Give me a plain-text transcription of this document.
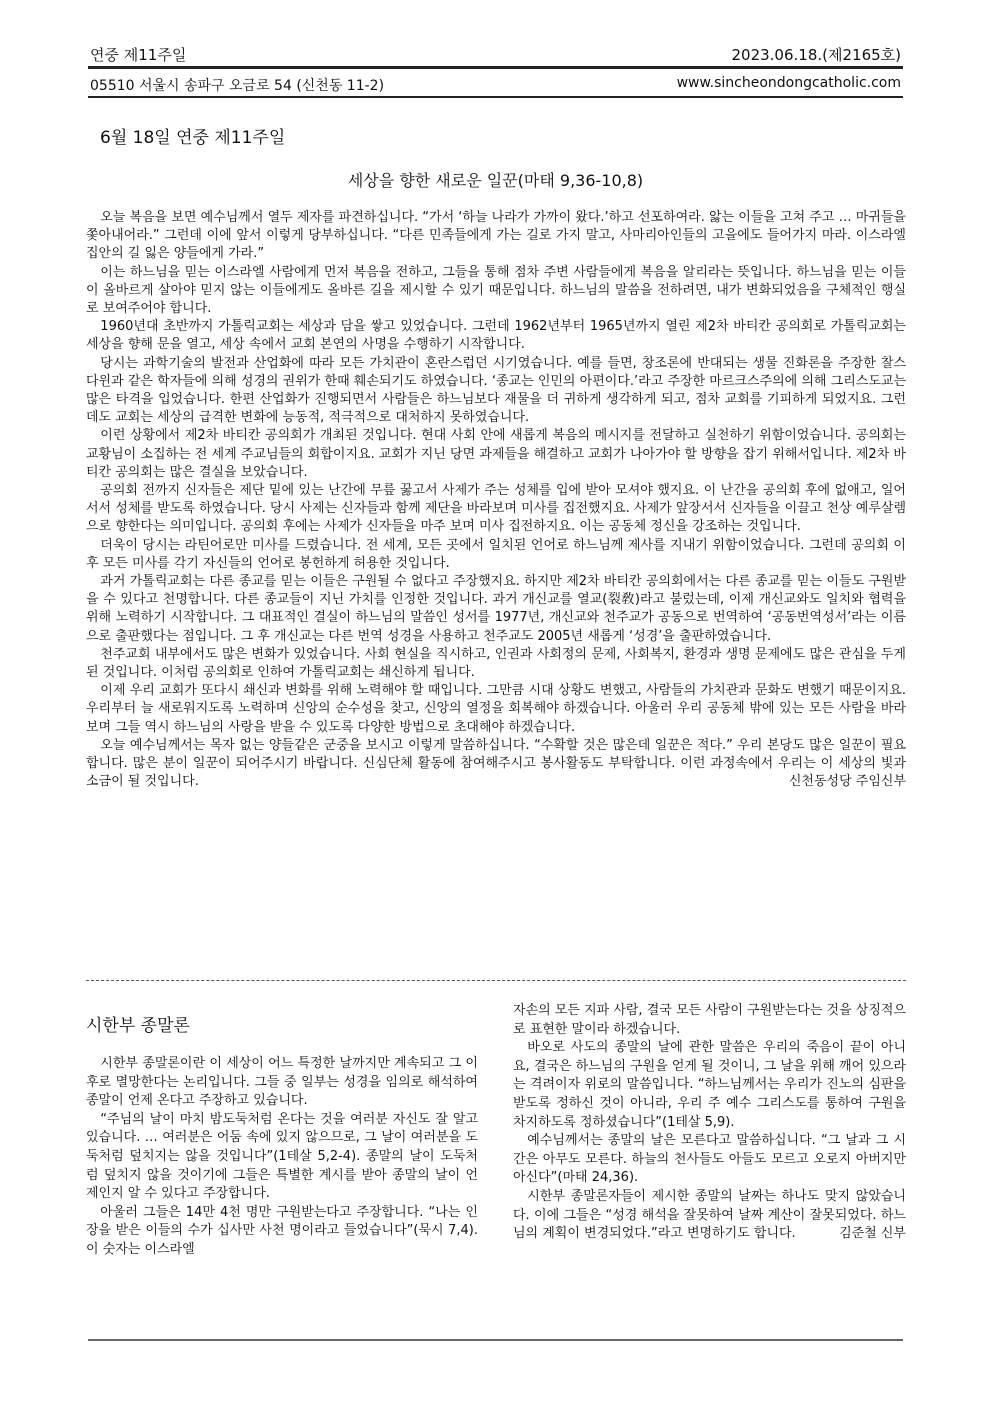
연중 제11주일	2023.06.18.(제2165호)
05510 서울시 송파구 오금로 54 (신천동 11-2)	www.sincheondongcatholic.com
6월 18일 연중 제11주일
세상을 향한 새로운 일꾼(마태 9,36-10,8)

오늘 복음을 보면 예수님께서 열두 제자를 파견하십니다. “가서 ‘하늘 나라가 가까이 왔다.’하고 선포하여라. 앓는 이들을 고쳐 주고 … 마귀들을 쫓아내어라.” 그런데 이에 앞서 이렇게 당부하십니다. “다른 민족들에게 가는 길로 가지 말고, 사마리아인들의 고을에도 들어가지 마라. 이스라엘 집안의 길 잃은 양들에게 가라.”

이는 하느님을 믿는 이스라엘 사람에게 먼저 복음을 전하고, 그들을 통해 점차 주변 사람들에게 복음을 알리라는 뜻입니다. 하느님을 믿는 이들이 올바르게 살아야 믿지 않는 이들에게도 올바른 길을 제시할 수 있기 때문입니다. 하느님의 말씀을 전하려면, 내가 변화되었음을 구체적인 행실로 보여주어야 합니다.

1960년대 초반까지 가톨릭교회는 세상과 담을 쌓고 있었습니다. 그런데 1962년부터 1965년까지 열린 제2차 바티칸 공의회로 가톨릭교회는 세상을 향해 문을 열고, 세상 속에서 교회 본연의 사명을 수행하기 시작합니다.

당시는 과학기술의 발전과 산업화에 따라 모든 가치관이 혼란스럽던 시기였습니다. 예를 들면, 창조론에 반대되는 생물 진화론을 주장한 찰스 다윈과 같은 학자들에 의해 성경의 권위가 한때 훼손되기도 하였습니다. ‘종교는 인민의 아편이다.’라고 주장한 마르크스주의에 의해 그리스도교는 많은 타격을 입었습니다. 한편 산업화가 진행되면서 사람들은 하느님보다 재물을 더 귀하게 생각하게 되고, 점차 교회를 기피하게 되었지요. 그런데도 교회는 세상의 급격한 변화에 능동적, 적극적으로 대처하지 못하였습니다.

이런 상황에서 제2차 바티칸 공의회가 개최된 것입니다. 현대 사회 안에 새롭게 복음의 메시지를 전달하고 실천하기 위함이었습니다. 공의회는 교황님이 소집하는 전 세계 주교님들의 회합이지요. 교회가 지닌 당면 과제들을 해결하고 교회가 나아가야 할 방향을 잡기 위해서입니다. 제2차 바티칸 공의회는 많은 결실을 보았습니다.

공의회 전까지 신자들은 제단 밑에 있는 난간에 무릎 꿇고서 사제가 주는 성체를 입에 받아 모셔야 했지요. 이 난간을 공의회 후에 없애고, 일어서서 성체를 받도록 하였습니다. 당시 사제는 신자들과 함께 제단을 바라보며 미사를 집전했지요. 사제가 앞장서서 신자들을 이끌고 천상 예루살렘으로 향한다는 의미입니다. 공의회 후에는 사제가 신자들을 마주 보며 미사 집전하지요. 이는 공동체 정신을 강조하는 것입니다.

더욱이 당시는 라틴어로만 미사를 드렸습니다. 전 세계, 모든 곳에서 일치된 언어로 하느님께 제사를 지내기 위함이었습니다. 그런데 공의회 이후 모든 미사를 각기 자신들의 언어로 봉헌하게 허용한 것입니다.

과거 가톨릭교회는 다른 종교를 믿는 이들은 구원될 수 없다고 주장했지요. 하지만 제2차 바티칸 공의회에서는 다른 종교를 믿는 이들도 구원받을 수 있다고 천명합니다. 다른 종교들이 지닌 가치를 인정한 것입니다. 과거 개신교를 열교(裂敎)라고 불렀는데, 이제 개신교와도 일치와 협력을 위해 노력하기 시작합니다. 그 대표적인 결실이 하느님의 말씀인 성서를 1977년, 개신교와 천주교가 공동으로 번역하여 ‘공동번역성서’라는 이름으로 출판했다는 점입니다. 그 후 개신교는 다른 번역 성경을 사용하고 천주교도 2005년 새롭게 ‘성경’을 출판하였습니다.

천주교회 내부에서도 많은 변화가 있었습니다. 사회 현실을 직시하고, 인권과 사회정의 문제, 사회복지, 환경과 생명 문제에도 많은 관심을 두게된 것입니다. 이처럼 공의회로 인하여 가톨릭교회는 쇄신하게 됩니다.

이제 우리 교회가 또다시 쇄신과 변화를 위해 노력해야 할 때입니다. 그만큼 시대 상황도 변했고, 사람들의 가치관과 문화도 변했기 때문이지요. 우리부터 늘 새로워지도록 노력하며 신앙의 순수성을 찾고, 신앙의 열정을 회복해야 하겠습니다. 아울러 우리 공동체 밖에 있는 모든 사람을 바라보며 그들 역시 하느님의 사랑을 받을 수 있도록 다양한 방법으로 초대해야 하겠습니다.

오늘 예수님께서는 목자 없는 양들같은 군중을 보시고 이렇게 말씀하십니다. “수확할 것은 많은데 일꾼은 적다.” 우리 본당도 많은 일꾼이 필요합니다. 많은 분이 일꾼이 되어주시기 바랍니다. 신심단체 활동에 참여해주시고 봉사활동도 부탁합니다. 이런 과정속에서 우리는 이 세상의 빛과 소금이 될 것입니다.	신천동성당 주임신부

시한부 종말론

시한부 종말론이란 이 세상이 어느 특정한 날까지만 계속되고 그 이후로 멸망한다는 논리입니다. 그들 중 일부는 성경을 임의로 해석하여 종말이 언제 온다고 주장하고 있습니다.

“주님의 날이 마치 밤도둑처럼 온다는 것을 여러분 자신도 잘 알고 있습니다. … 여러분은 어둠 속에 있지 않으므로, 그 날이 여러분을 도둑처럼 덮치지는 않을 것입니다”(1테살 5,2-4). 종말의 날이 도둑처럼 덮치지 않을 것이기에 그들은 특별한 계시를 받아 종말의 날이 언제인지 알 수 있다고 주장합니다.

아울러 그들은 14만 4천 명만 구원받는다고 주장합니다. “나는 인장을 받은 이들의 수가 십사만 사천 명이라고 들었습니다”(묵시 7,4). 이 숫자는 이스라엘

자손의 모든 지파 사람, 결국 모든 사람이 구원받는다는 것을 상징적으로 표현한 말이라 하겠습니다.

바오로 사도의 종말의 날에 관한 말씀은 우리의 죽음이 끝이 아니요, 결국은 하느님의 구원을 얻게 될 것이니, 그 날을 위해 깨어 있으라는 격려이자 위로의 말씀입니다. “하느님께서는 우리가 진노의 심판을 받도록 정하신 것이 아니라, 우리 주 예수 그리스도를 통하여 구원을 차지하도록 정하셨습니다”(1테살 5,9).

예수님께서는 종말의 날은 모른다고 말씀하십니다. “그 날과 그 시간은 아무도 모른다. 하늘의 천사들도 아들도 모르고 오로지 아버지만 아신다”(마태 24,36).

시한부 종말론자들이 제시한 종말의 날짜는 하나도 맞지 않았습니다. 이에 그들은 “성경 해석을 잘못하여 날짜 계산이 잘못되었다. 하느님의 계획이 변경되었다.”라고 변명하기도 합니다.	김준철 신부
